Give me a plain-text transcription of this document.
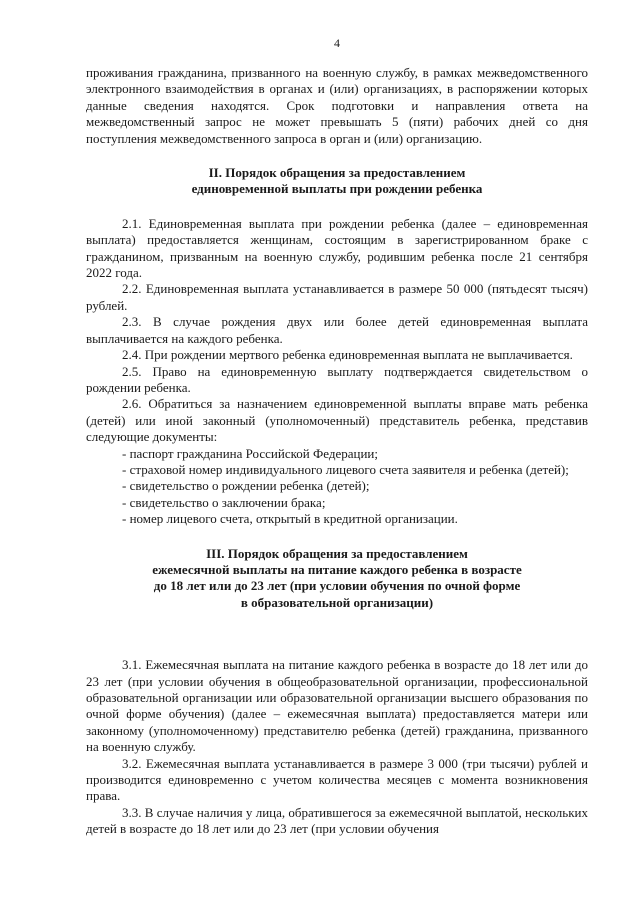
4

проживания гражданина, призванного на военную службу, в рамках межведомственного электронного взаимодействия в органах и (или) организациях, в распоряжении которых данные сведения находятся. Срок подготовки и направления ответа на межведомственный запрос не может превышать 5 (пяти) рабочих дней со дня поступления межведомственного запроса в орган и (или) организацию.

II. Порядок обращения за предоставлением
единовременной выплаты при рождении ребенка

2.1. Единовременная выплата при рождении ребенка (далее – единовременная выплата) предоставляется женщинам, состоящим в зарегистрированном браке с гражданином, призванным на военную службу, родившим ребенка после 21 сентября 2022 года.

2.2. Единовременная выплата устанавливается в размере 50 000 (пятьдесят тысяч) рублей.

2.3. В случае рождения двух или более детей единовременная выплата выплачивается на каждого ребенка.

2.4. При рождении мертвого ребенка единовременная выплата не выплачивается.

2.5. Право на единовременную выплату подтверждается свидетельством о рождении ребенка.

2.6. Обратиться за назначением единовременной выплаты вправе мать ребенка (детей) или иной законный (уполномоченный) представитель ребенка, представив следующие документы:

- паспорт гражданина Российской Федерации;

- страховой номер индивидуального лицевого счета заявителя и ребенка (детей);

- свидетельство о рождении ребенка (детей);

- свидетельство о заключении брака;

- номер лицевого счета, открытый в кредитной организации.

III. Порядок обращения за предоставлением
ежемесячной выплаты на питание каждого ребенка в возрасте
до 18 лет или до 23 лет (при условии обучения по очной форме
в образовательной организации)

3.1. Ежемесячная выплата на питание каждого ребенка в возрасте до 18 лет или до 23 лет (при условии обучения в общеобразовательной организации, профессиональной образовательной организации или образовательной организации высшего образования по очной форме обучения) (далее – ежемесячная выплата) предоставляется матери или законному (уполномоченному) представителю ребенка (детей) гражданина, призванного на военную службу.

3.2. Ежемесячная выплата устанавливается в размере 3 000 (три тысячи) рублей и производится единовременно с учетом количества месяцев с момента возникновения права.

3.3. В случае наличия у лица, обратившегося за ежемесячной выплатой, нескольких детей в возрасте до 18 лет или до 23 лет (при условии обучения
